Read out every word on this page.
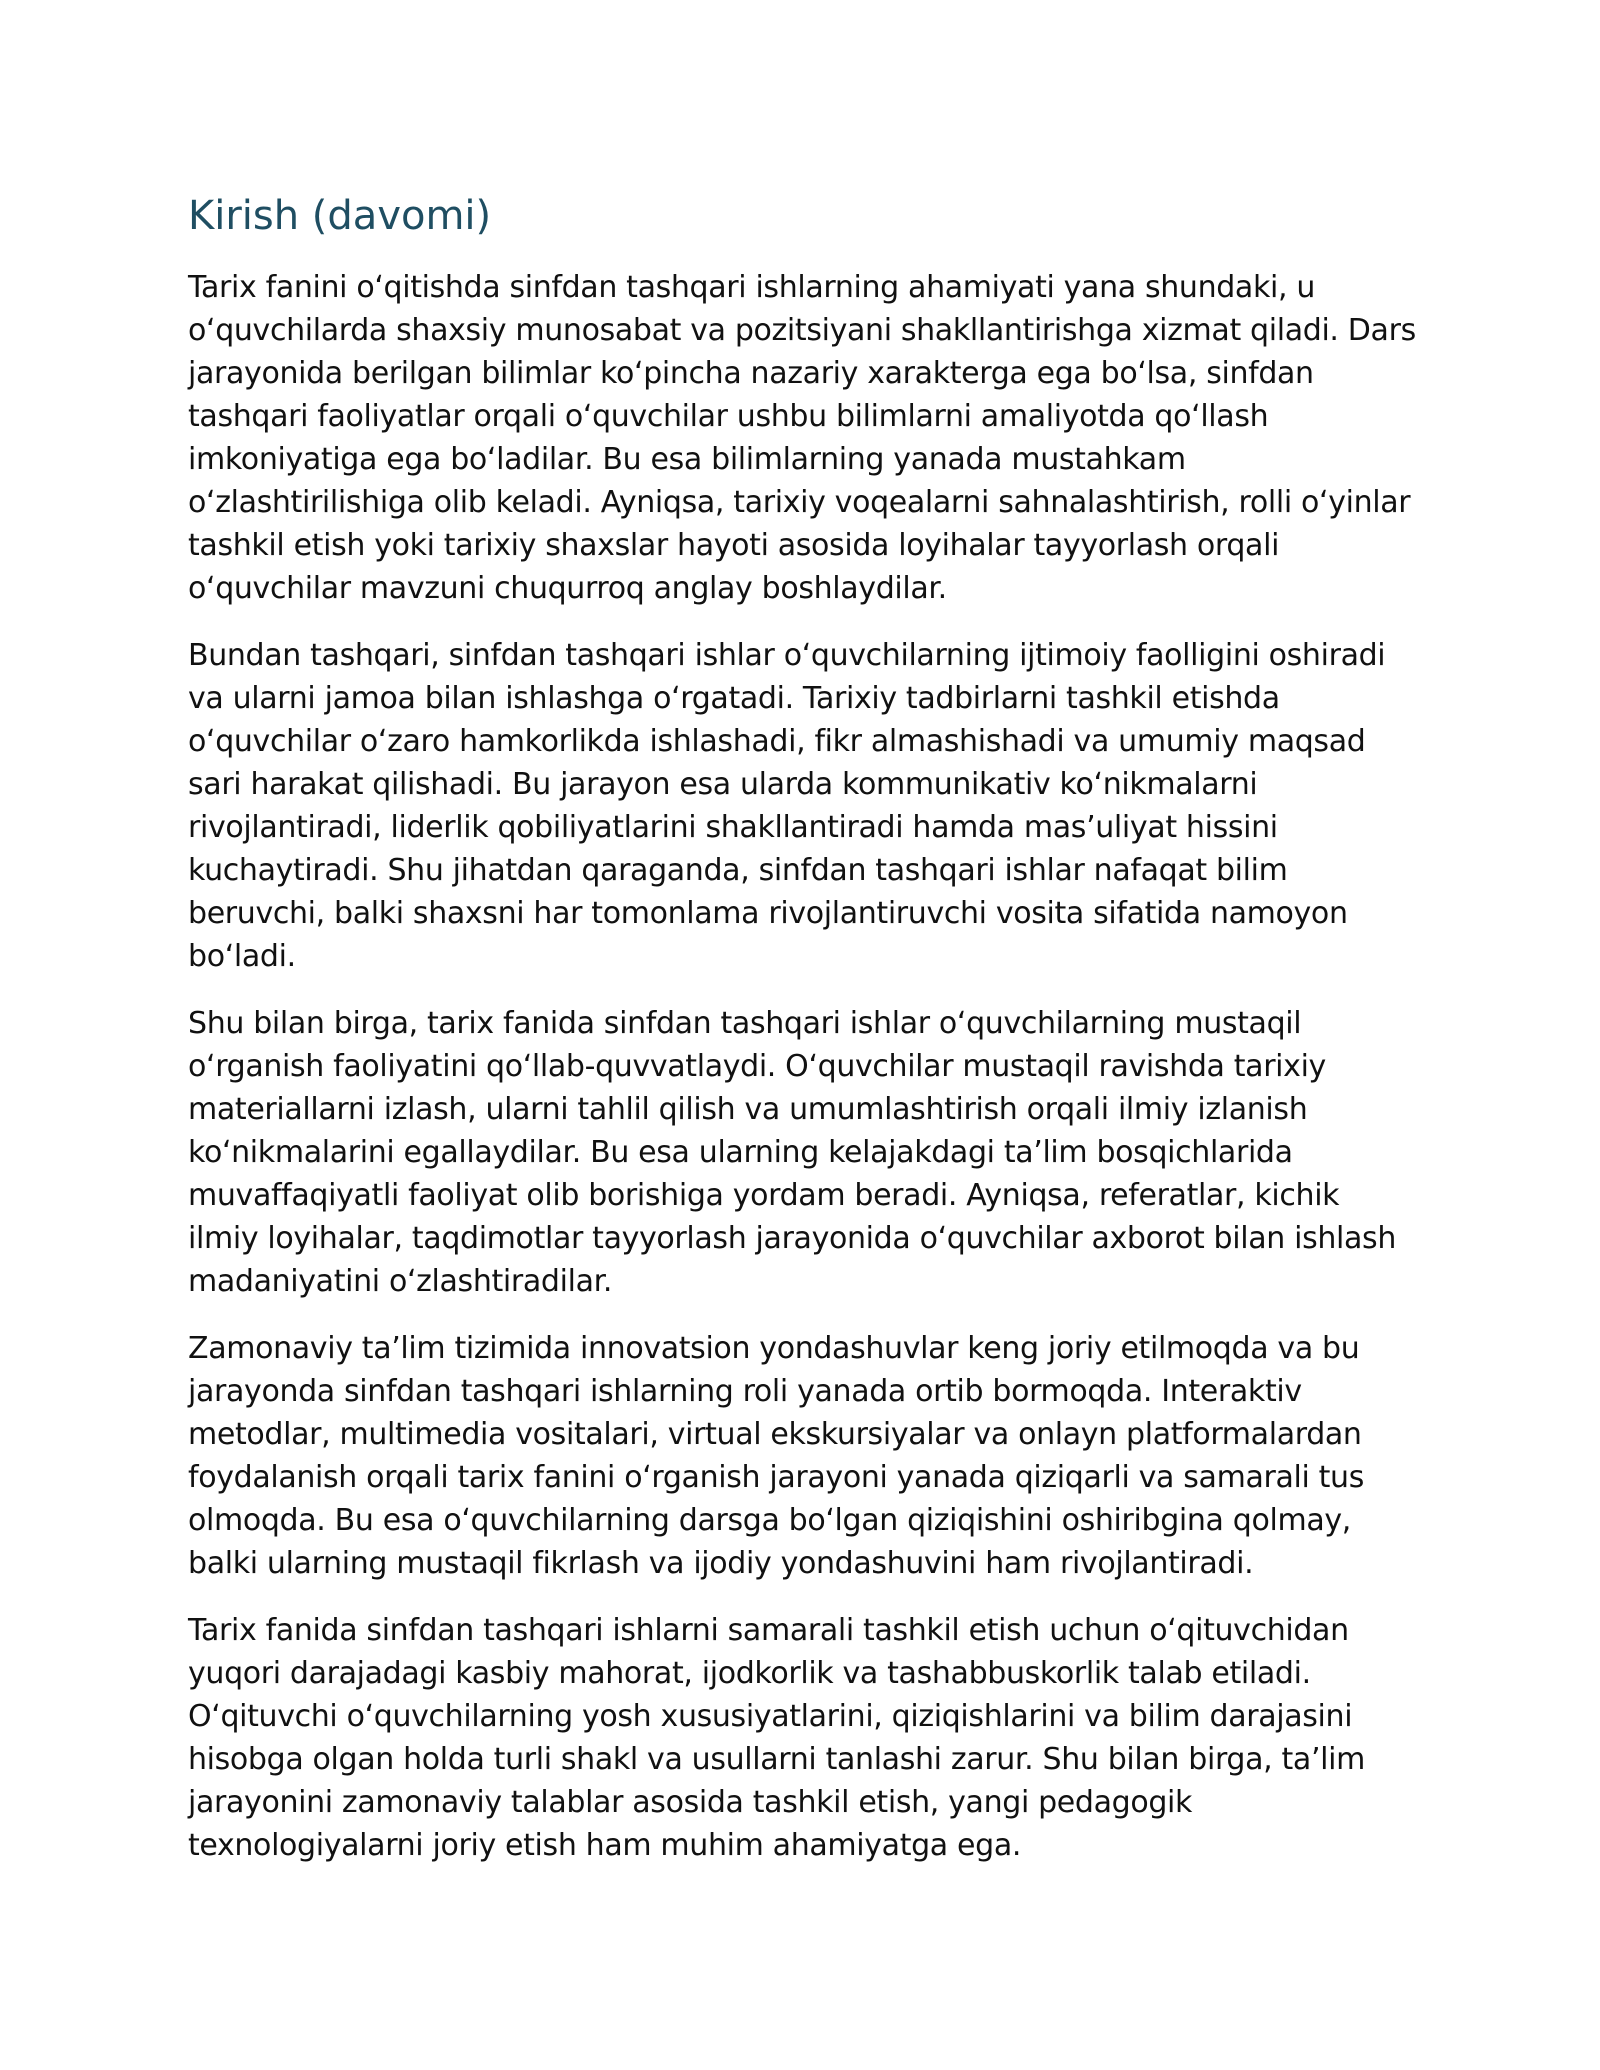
Kirish (davomi)

Tarix fanini o‘qitishda sinfdan tashqari ishlarning ahamiyati yana shundaki, u o‘quvchilarda shaxsiy munosabat va pozitsiyani shakllantirishga xizmat qiladi. Dars jarayonida berilgan bilimlar ko‘pincha nazariy xarakterga ega bo‘lsa, sinfdan tashqari faoliyatlar orqali o‘quvchilar ushbu bilimlarni amaliyotda qo‘llash imkoniyatiga ega bo‘ladilar. Bu esa bilimlarning yanada mustahkam o‘zlashtirilishiga olib keladi. Ayniqsa, tarixiy voqealarni sahnalashtirish, rolli o‘yinlar tashkil etish yoki tarixiy shaxslar hayoti asosida loyihalar tayyorlash orqali o‘quvchilar mavzuni chuqurroq anglay boshlaydilar.

Bundan tashqari, sinfdan tashqari ishlar o‘quvchilarning ijtimoiy faolligini oshiradi va ularni jamoa bilan ishlashga o‘rgatadi. Tarixiy tadbirlarni tashkil etishda o‘quvchilar o‘zaro hamkorlikda ishlashadi, fikr almashishadi va umumiy maqsad sari harakat qilishadi. Bu jarayon esa ularda kommunikativ ko‘nikmalarni rivojlantiradi, liderlik qobiliyatlarini shakllantiradi hamda mas’uliyat hissini kuchaytiradi. Shu jihatdan qaraganda, sinfdan tashqari ishlar nafaqat bilim beruvchi, balki shaxsni har tomonlama rivojlantiruvchi vosita sifatida namoyon bo‘ladi.

Shu bilan birga, tarix fanida sinfdan tashqari ishlar o‘quvchilarning mustaqil o‘rganish faoliyatini qo‘llab-quvvatlaydi. O‘quvchilar mustaqil ravishda tarixiy materiallarni izlash, ularni tahlil qilish va umumlashtirish orqali ilmiy izlanish ko‘nikmalarini egallaydilar. Bu esa ularning kelajakdagi ta’lim bosqichlarida muvaffaqiyatli faoliyat olib borishiga yordam beradi. Ayniqsa, referatlar, kichik ilmiy loyihalar, taqdimotlar tayyorlash jarayonida o‘quvchilar axborot bilan ishlash madaniyatini o‘zlashtiradilar.

Zamonaviy ta’lim tizimida innovatsion yondashuvlar keng joriy etilmoqda va bu jarayonda sinfdan tashqari ishlarning roli yanada ortib bormoqda. Interaktiv metodlar, multimedia vositalari, virtual ekskursiyalar va onlayn platformalardan foydalanish orqali tarix fanini o‘rganish jarayoni yanada qiziqarli va samarali tus olmoqda. Bu esa o‘quvchilarning darsga bo‘lgan qiziqishini oshiribgina qolmay, balki ularning mustaqil fikrlash va ijodiy yondashuvini ham rivojlantiradi.

Tarix fanida sinfdan tashqari ishlarni samarali tashkil etish uchun o‘qituvchidan yuqori darajadagi kasbiy mahorat, ijodkorlik va tashabbuskorlik talab etiladi. O‘qituvchi o‘quvchilarning yosh xususiyatlarini, qiziqishlarini va bilim darajasini hisobga olgan holda turli shakl va usullarni tanlashi zarur. Shu bilan birga, ta’lim jarayonini zamonaviy talablar asosida tashkil etish, yangi pedagogik texnologiyalarni joriy etish ham muhim ahamiyatga ega.
